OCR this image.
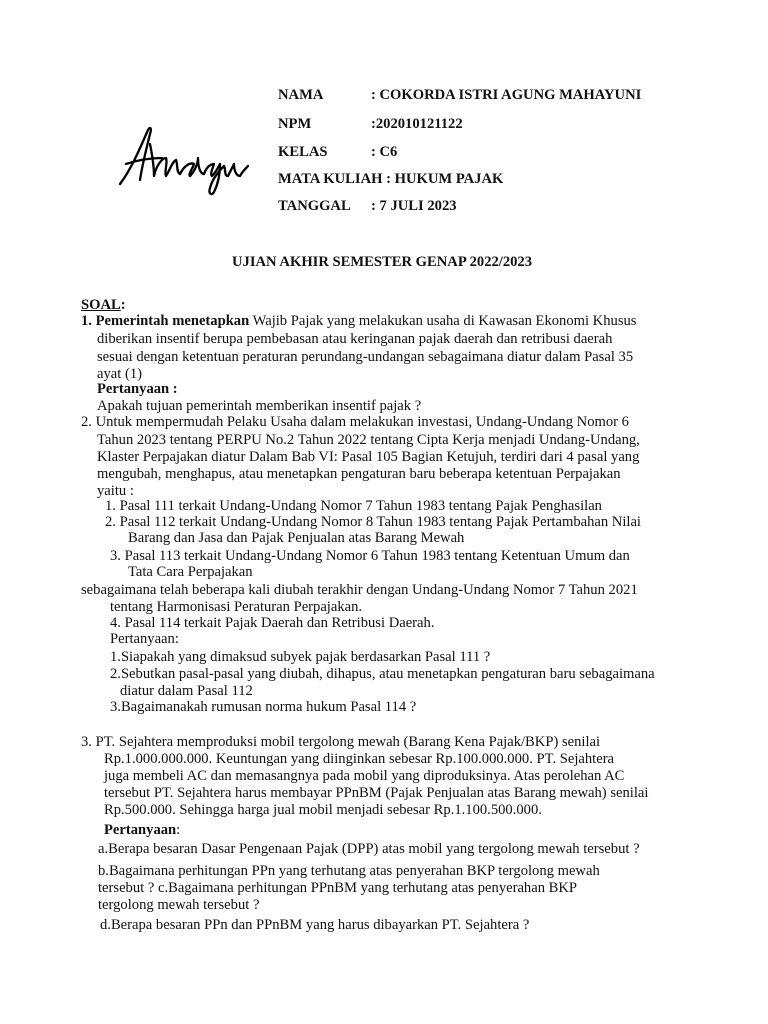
NAMA	: COKORDA ISTRI AGUNG MAHAYUNI
NPM	:202010121122
KELAS	: C6
MATA KULIAH : HUKUM PAJAK
TANGGAL : 7 JULI 2023
UJIAN AKHIR SEMESTER GENAP 2022/2023
SOAL:
1. Pemerintah menetapkan Wajib Pajak yang melakukan usaha di Kawasan Ekonomi Khusus
diberikan insentif berupa pembebasan atau keringanan pajak daerah dan retribusi daerah
sesuai dengan ketentuan peraturan perundang-undangan sebagaimana diatur dalam Pasal 35
ayat (1)
Pertanyaan :
Apakah tujuan pemerintah memberikan insentif pajak ?
2. Untuk mempermudah Pelaku Usaha dalam melakukan investasi, Undang-Undang Nomor 6
Tahun 2023 tentang PERPU No.2 Tahun 2022 tentang Cipta Kerja menjadi Undang-Undang,
Klaster Perpajakan diatur Dalam Bab VI: Pasal 105 Bagian Ketujuh, terdiri dari 4 pasal yang
mengubah, menghapus, atau menetapkan pengaturan baru beberapa ketentuan Perpajakan
yaitu :
1. Pasal 111 terkait Undang-Undang Nomor 7 Tahun 1983 tentang Pajak Penghasilan
2. Pasal 112 terkait Undang-Undang Nomor 8 Tahun 1983 tentang Pajak Pertambahan Nilai
Barang dan Jasa dan Pajak Penjualan atas Barang Mewah
3. Pasal 113 terkait Undang-Undang Nomor 6 Tahun 1983 tentang Ketentuan Umum dan
Tata Cara Perpajakan
sebagaimana telah beberapa kali diubah terakhir dengan Undang-Undang Nomor 7 Tahun 2021
tentang Harmonisasi Peraturan Perpajakan.
4. Pasal 114 terkait Pajak Daerah dan Retribusi Daerah.
Pertanyaan:
1.Siapakah yang dimaksud subyek pajak berdasarkan Pasal 111 ?
2.Sebutkan pasal-pasal yang diubah, dihapus, atau menetapkan pengaturan baru sebagaimana
diatur dalam Pasal 112
3.Bagaimanakah rumusan norma hukum Pasal 114 ?
3. PT. Sejahtera memproduksi mobil tergolong mewah (Barang Kena Pajak/BKP) senilai
Rp.1.000.000.000. Keuntungan yang diinginkan sebesar Rp.100.000.000. PT. Sejahtera
juga membeli AC dan memasangnya pada mobil yang diproduksinya. Atas perolehan AC
tersebut PT. Sejahtera harus membayar PPnBM (Pajak Penjualan atas Barang mewah) senilai
Rp.500.000. Sehingga harga jual mobil menjadi sebesar Rp.1.100.500.000.
Pertanyaan:
a.Berapa besaran Dasar Pengenaan Pajak (DPP) atas mobil yang tergolong mewah tersebut ?
b.Bagaimana perhitungan PPn yang terhutang atas penyerahan BKP tergolong mewah
tersebut ? c.Bagaimana perhitungan PPnBM yang terhutang atas penyerahan BKP
tergolong mewah tersebut ?
d.Berapa besaran PPn dan PPnBM yang harus dibayarkan PT. Sejahtera ?
